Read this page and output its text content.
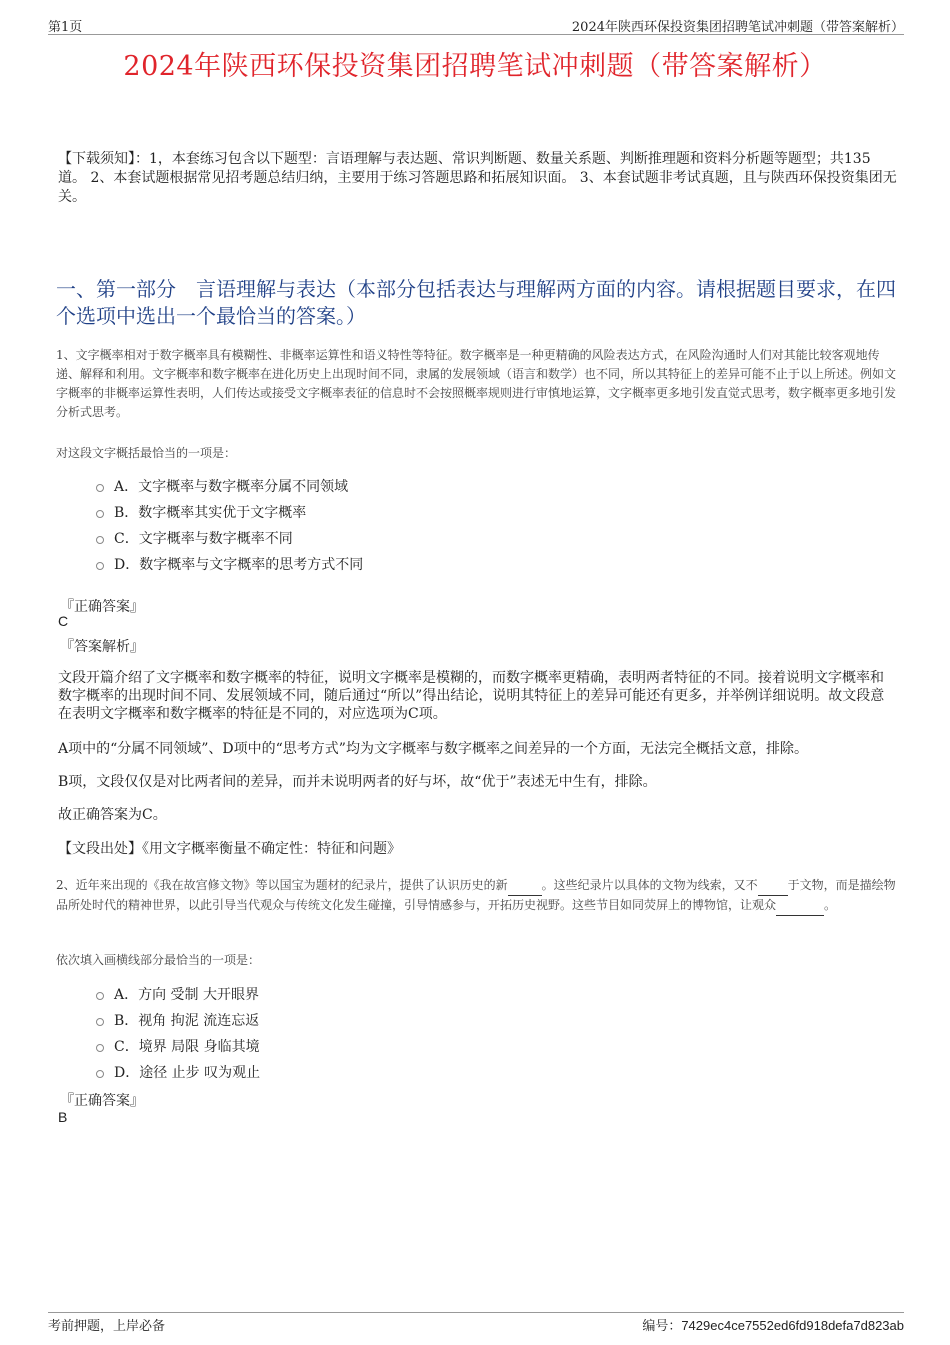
第1页	2024年陕西环保投资集团招聘笔试冲刺题（带答案解析）
2024年陕西环保投资集团招聘笔试冲刺题（带答案解析）
【下载须知】：1，本套练习包含以下题型：言语理解与表达题、常识判断题、数量关系题、判断推理题和资料分析题等题型；共135道。 2、本套试题根据常见招考题总结归纳，主要用于练习答题思路和拓展知识面。 3、本套试题非考试真题，且与陕西环保投资集团无关。
一、第一部分　言语理解与表达（本部分包括表达与理解两方面的内容。请根据题目要求，在四个选项中选出一个最恰当的答案。）
1、文字概率相对于数字概率具有模糊性、非概率运算性和语义特性等特征。数字概率是一种更精确的风险表达方式，在风险沟通时人们对其能比较客观地传递、解释和利用。文字概率和数字概率在进化历史上出现时间不同，隶属的发展领域（语言和数学）也不同，所以其特征上的差异可能不止于以上所述。例如文字概率的非概率运算性表明，人们传达或接受文字概率表征的信息时不会按照概率规则进行审慎地运算，文字概率更多地引发直觉式思考，数字概率更多地引发分析式思考。
对这段文字概括最恰当的一项是：
A．文字概率与数字概率分属不同领域
B．数字概率其实优于文字概率
C．文字概率与数字概率不同
D．数字概率与文字概率的思考方式不同
『正确答案』
C
『答案解析』
文段开篇介绍了文字概率和数字概率的特征，说明文字概率是模糊的，而数字概率更精确，表明两者特征的不同。接着说明文字概率和数字概率的出现时间不同、发展领域不同，随后通过“所以”得出结论，说明其特征上的差异可能还有更多，并举例详细说明。故文段意在表明文字概率和数字概率的特征是不同的，对应选项为C项。
A项中的“分属不同领域”、D项中的“思考方式”均为文字概率与数字概率之间差异的一个方面，无法完全概括文意，排除。
B项，文段仅仅是对比两者间的差异，而并未说明两者的好与坏，故“优于”表述无中生有，排除。
故正确答案为C。
【文段出处】《用文字概率衡量不确定性：特征和问题》
2、近年来出现的《我在故宫修文物》等以国宝为题材的纪录片，提供了认识历史的新	。这些纪录片以具体的文物为线索，又不	于文物，而是描绘物品所处时代的精神世界，以此引导当代观众与传统文化发生碰撞，引导情感参与，开拓历史视野。这些节目如同荧屏上的博物馆，让观众	。
依次填入画横线部分最恰当的一项是：
A．方向 受制 大开眼界
B．视角 拘泥 流连忘返
C．境界 局限 身临其境
D．途径 止步 叹为观止
『正确答案』
B
考前押题，上岸必备	编号：7429ec4ce7552ed6fd918defa7d823ab
